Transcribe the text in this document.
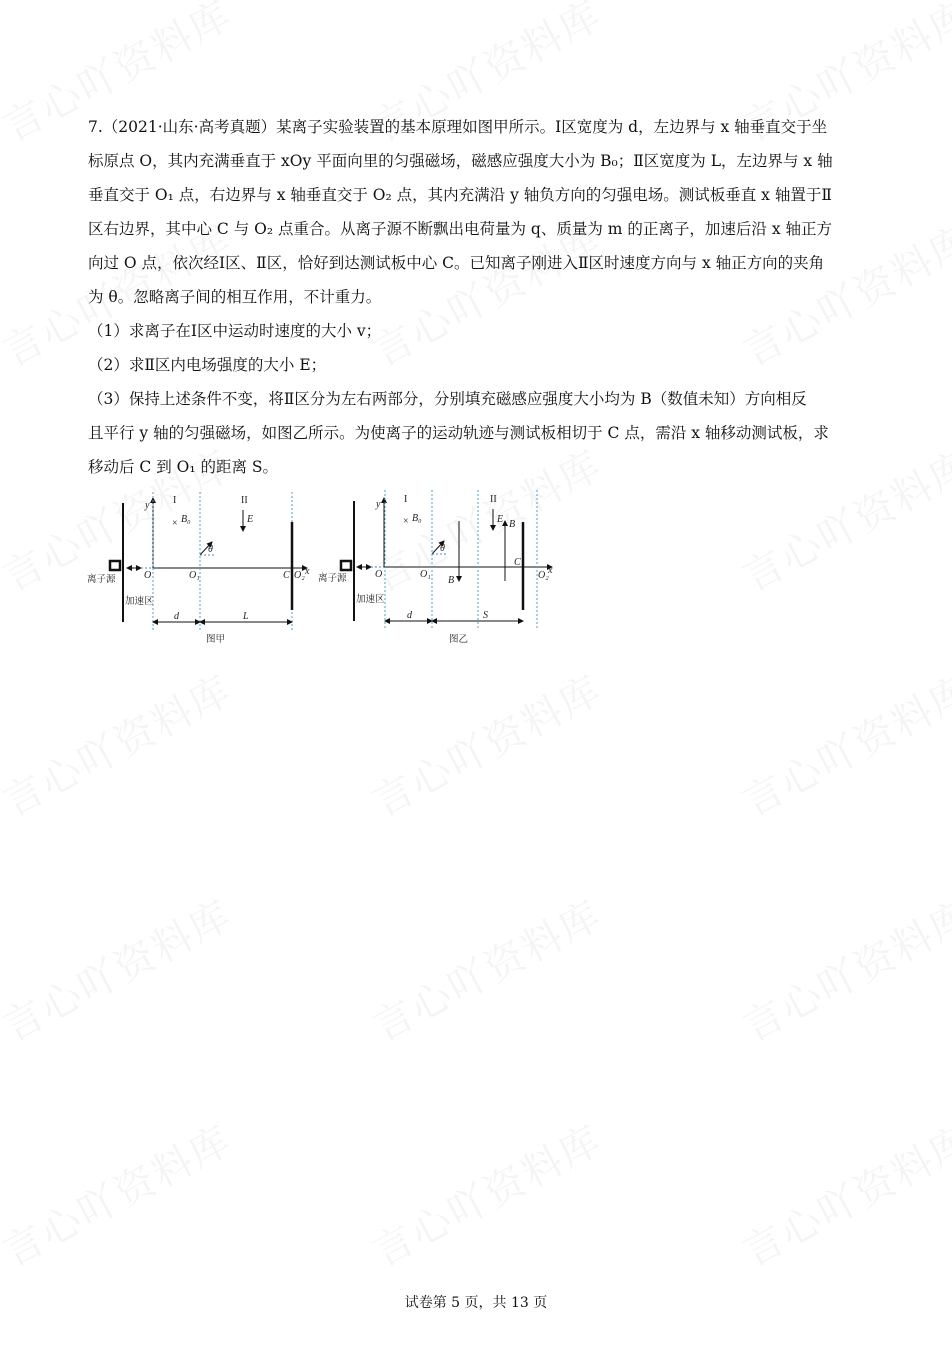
7.（2021·山东·高考真题）某离子实验装置的基本原理如图甲所示。Ⅰ区宽度为 d，左边界与 x 轴垂直交于坐
标原点 O，其内充满垂直于 xOy 平面向里的匀强磁场，磁感应强度大小为 B₀；Ⅱ区宽度为 L，左边界与 x 轴
垂直交于 O₁ 点，右边界与 x 轴垂直交于 O₂ 点，其内充满沿 y 轴负方向的匀强电场。测试板垂直 x 轴置于Ⅱ
区右边界，其中心 C 与 O₂ 点重合。从离子源不断飘出电荷量为 q、质量为 m 的正离子，加速后沿 x 轴正方
向过 O 点，依次经Ⅰ区、Ⅱ区，恰好到达测试板中心 C。已知离子刚进入Ⅱ区时速度方向与 x 轴正方向的夹角
为 θ。忽略离子间的相互作用，不计重力。
（1）求离子在Ⅰ区中运动时速度的大小 v；
（2）求Ⅱ区内电场强度的大小 E；
（3）保持上述条件不变，将Ⅱ区分为左右两部分，分别填充磁感应强度大小均为 B（数值未知）方向相反
且平行 y 轴的匀强磁场，如图乙所示。为使离子的运动轨迹与测试板相切于 C 点，需沿 x 轴移动测试板，求
移动后 C 到 O₁ 的距离 S。
I	II
y
× B₀	E
θ
O	O₁	C O₂ x
离子源
加速区
d	L
图甲
I	II
y
× B₀	E B
B
θ
O	O₁
C
O₂ x
离子源
加速区
d	S
图乙
试卷第 5 页，共 13 页
